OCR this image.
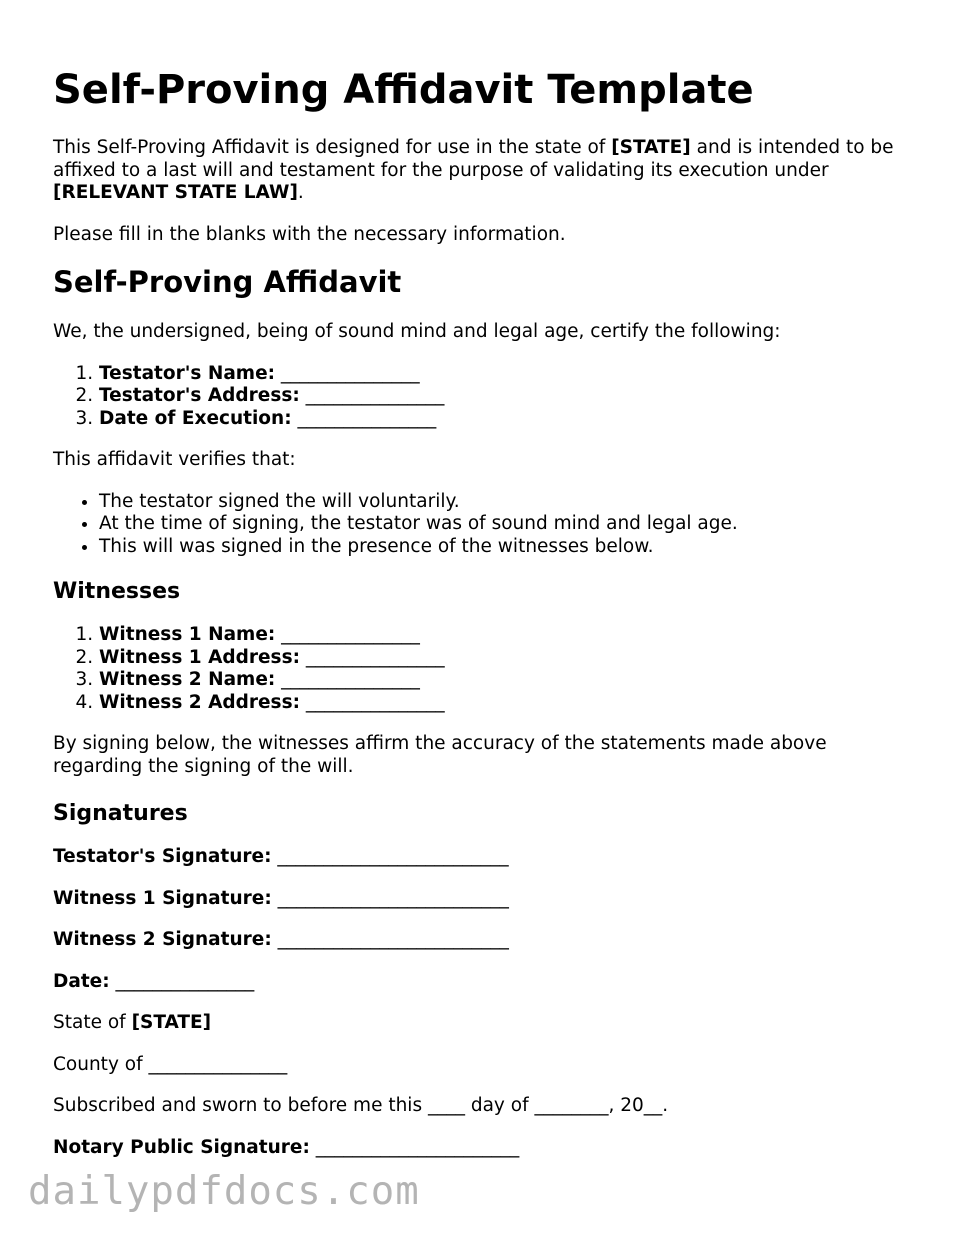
Self-Proving Affidavit Template

This Self-Proving Affidavit is designed for use in the state of [STATE] and is intended to be affixed to a last will and testament for the purpose of validating its execution under [RELEVANT STATE LAW].

Please fill in the blanks with the necessary information.

Self-Proving Affidavit

We, the undersigned, being of sound mind and legal age, certify the following:

1. Testator's Name: _______________
2. Testator's Address: _______________
3. Date of Execution: _______________

This affidavit verifies that:

• The testator signed the will voluntarily.
• At the time of signing, the testator was of sound mind and legal age.
• This will was signed in the presence of the witnesses below.
Witnesses
1. Witness 1 Name: _______________
2. Witness 1 Address: _______________
3. Witness 2 Name: _______________
4. Witness 2 Address: _______________

By signing below, the witnesses affirm the accuracy of the statements made above regarding the signing of the will.

Signatures

Testator's Signature: _________________________

Witness 1 Signature: _________________________

Witness 2 Signature: _________________________

Date: _______________

State of [STATE]

County of _______________

Subscribed and sworn to before me this ____ day of ________, 20__.

Notary Public Signature: ______________________

dailypdfdocs.com
